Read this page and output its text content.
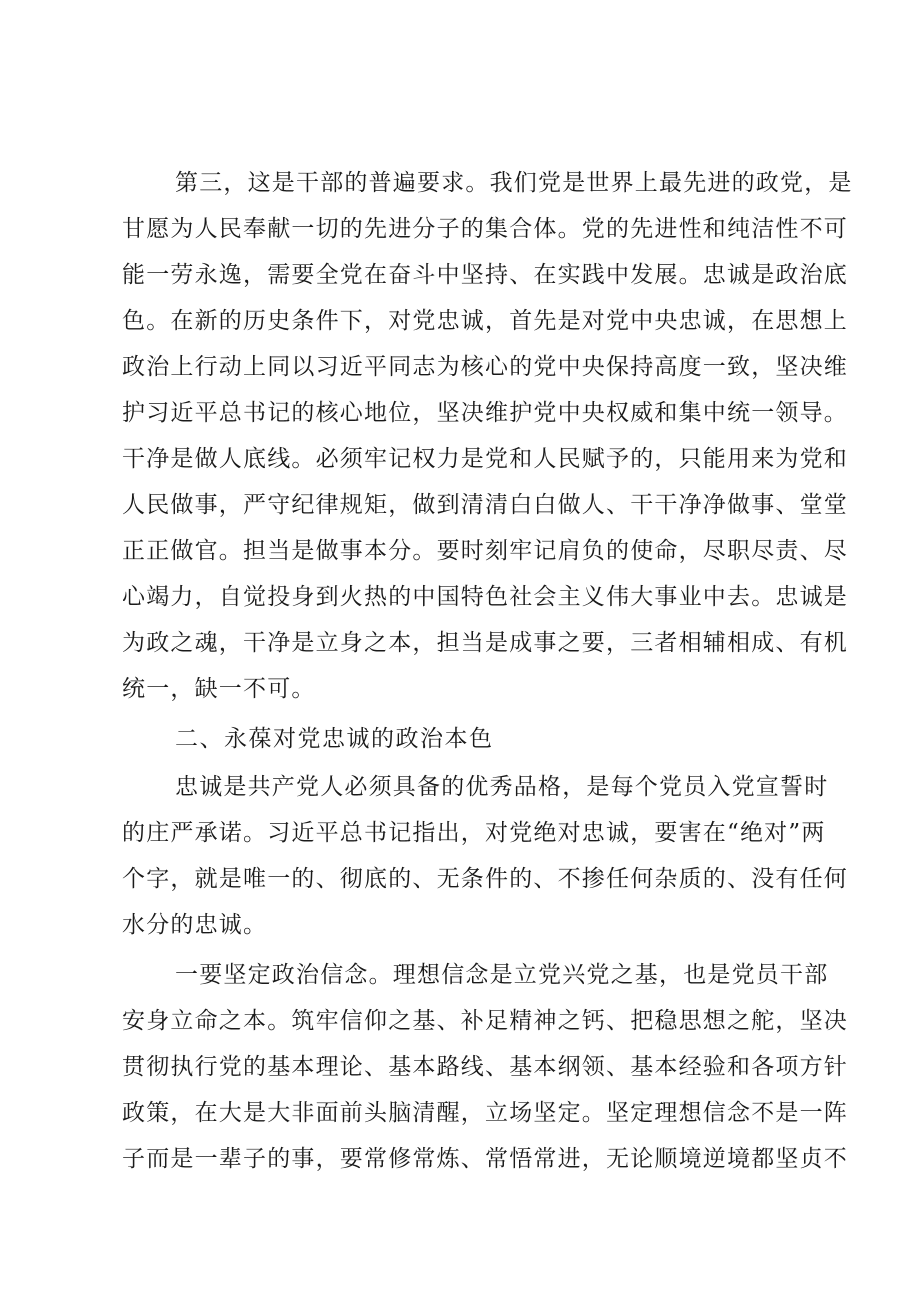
第三，这是干部的普遍要求。我们党是世界上最先进的政党，是
甘愿为人民奉献一切的先进分子的集合体。党的先进性和纯洁性不可
能一劳永逸，需要全党在奋斗中坚持、在实践中发展。忠诚是政治底
色。在新的历史条件下，对党忠诚，首先是对党中央忠诚，在思想上
政治上行动上同以习近平同志为核心的党中央保持高度一致，坚决维
护习近平总书记的核心地位，坚决维护党中央权威和集中统一领导。
干净是做人底线。必须牢记权力是党和人民赋予的，只能用来为党和
人民做事，严守纪律规矩，做到清清白白做人、干干净净做事、堂堂
正正做官。担当是做事本分。要时刻牢记肩负的使命，尽职尽责、尽
心竭力，自觉投身到火热的中国特色社会主义伟大事业中去。忠诚是
为政之魂，干净是立身之本，担当是成事之要，三者相辅相成、有机
统一，缺一不可。

二、永葆对党忠诚的政治本色

忠诚是共产党人必须具备的优秀品格，是每个党员入党宣誓时
的庄严承诺。习近平总书记指出，对党绝对忠诚，要害在“绝对”两
个字，就是唯一的、彻底的、无条件的、不掺任何杂质的、没有任何
水分的忠诚。

一要坚定政治信念。理想信念是立党兴党之基，也是党员干部
安身立命之本。筑牢信仰之基、补足精神之钙、把稳思想之舵，坚决
贯彻执行党的基本理论、基本路线、基本纲领、基本经验和各项方针
政策，在大是大非面前头脑清醒，立场坚定。坚定理想信念不是一阵
子而是一辈子的事，要常修常炼、常悟常进，无论顺境逆境都坚贞不
